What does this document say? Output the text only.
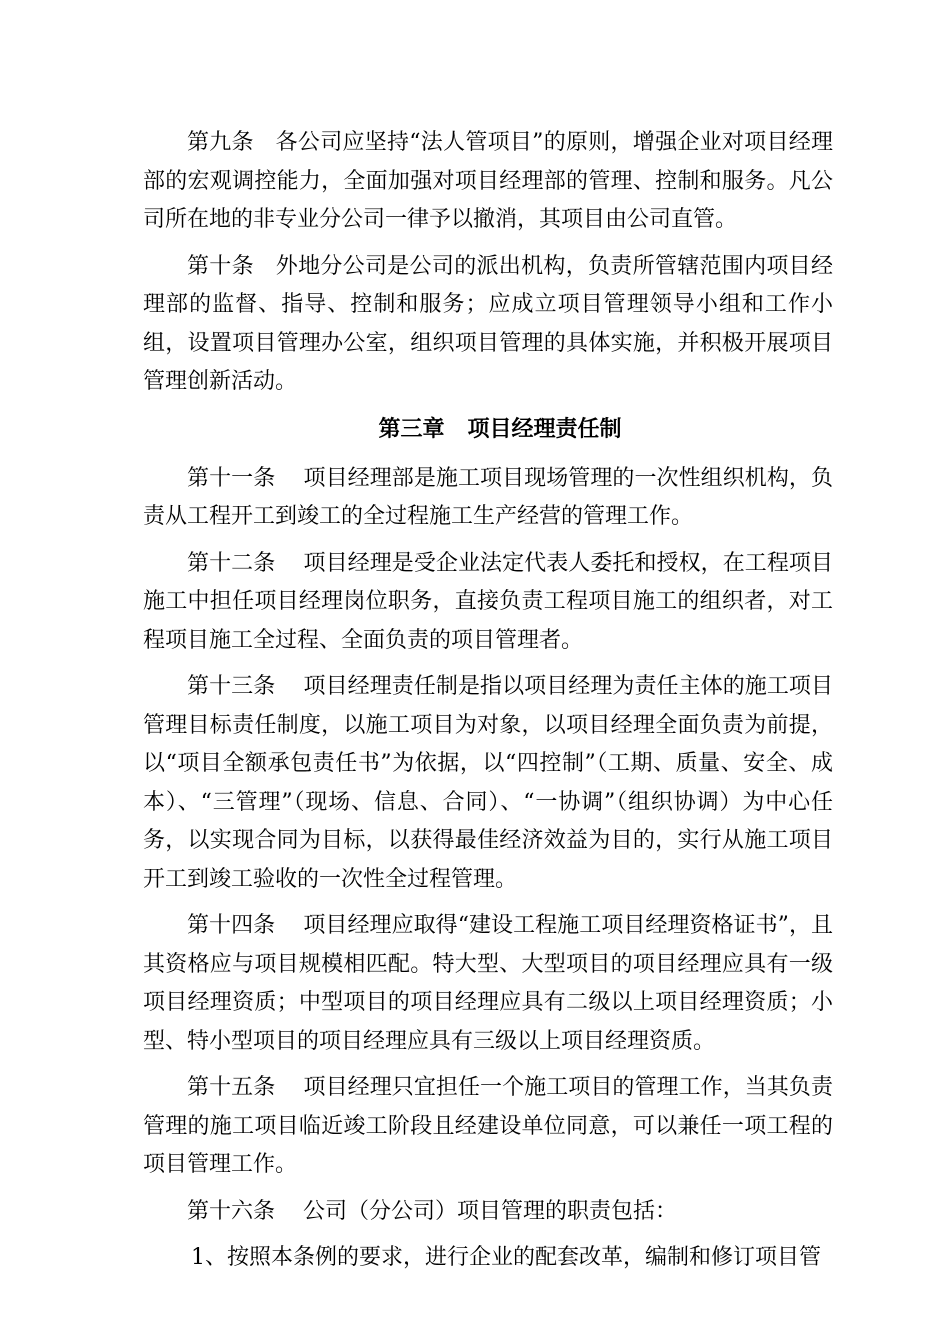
第九条 各公司应坚持“法人管项目”的原则，增强企业对项目经理部的宏观调控能力，全面加强对项目经理部的管理、控制和服务。凡公司所在地的非专业分公司一律予以撤消，其项目由公司直管。

第十条 外地分公司是公司的派出机构，负责所管辖范围内项目经理部的监督、指导、控制和服务；应成立项目管理领导小组和工作小组，设置项目管理办公室，组织项目管理的具体实施，并积极开展项目管理创新活动。

第三章 项目经理责任制

第十一条 项目经理部是施工项目现场管理的一次性组织机构，负责从工程开工到竣工的全过程施工生产经营的管理工作。

第十二条 项目经理是受企业法定代表人委托和授权，在工程项目施工中担任项目经理岗位职务，直接负责工程项目施工的组织者，对工程项目施工全过程、全面负责的项目管理者。

第十三条 项目经理责任制是指以项目经理为责任主体的施工项目管理目标责任制度，以施工项目为对象，以项目经理全面负责为前提，以“项目全额承包责任书”为依据，以“四控制”（工期、质量、安全、成本）、“三管理”（现场、信息、合同）、“一协调”（组织协调）为中心任务，以实现合同为目标，以获得最佳经济效益为目的，实行从施工项目开工到竣工验收的一次性全过程管理。

第十四条 项目经理应取得“建设工程施工项目经理资格证书”，且其资格应与项目规模相匹配。特大型、大型项目的项目经理应具有一级项目经理资质；中型项目的项目经理应具有二级以上项目经理资质；小型、特小型项目的项目经理应具有三级以上项目经理资质。

第十五条 项目经理只宜担任一个施工项目的管理工作，当其负责管理的施工项目临近竣工阶段且经建设单位同意，可以兼任一项工程的项目管理工作。

第十六条 公司（分公司）项目管理的职责包括：

1、按照本条例的要求，进行企业的配套改革，编制和修订项目管
